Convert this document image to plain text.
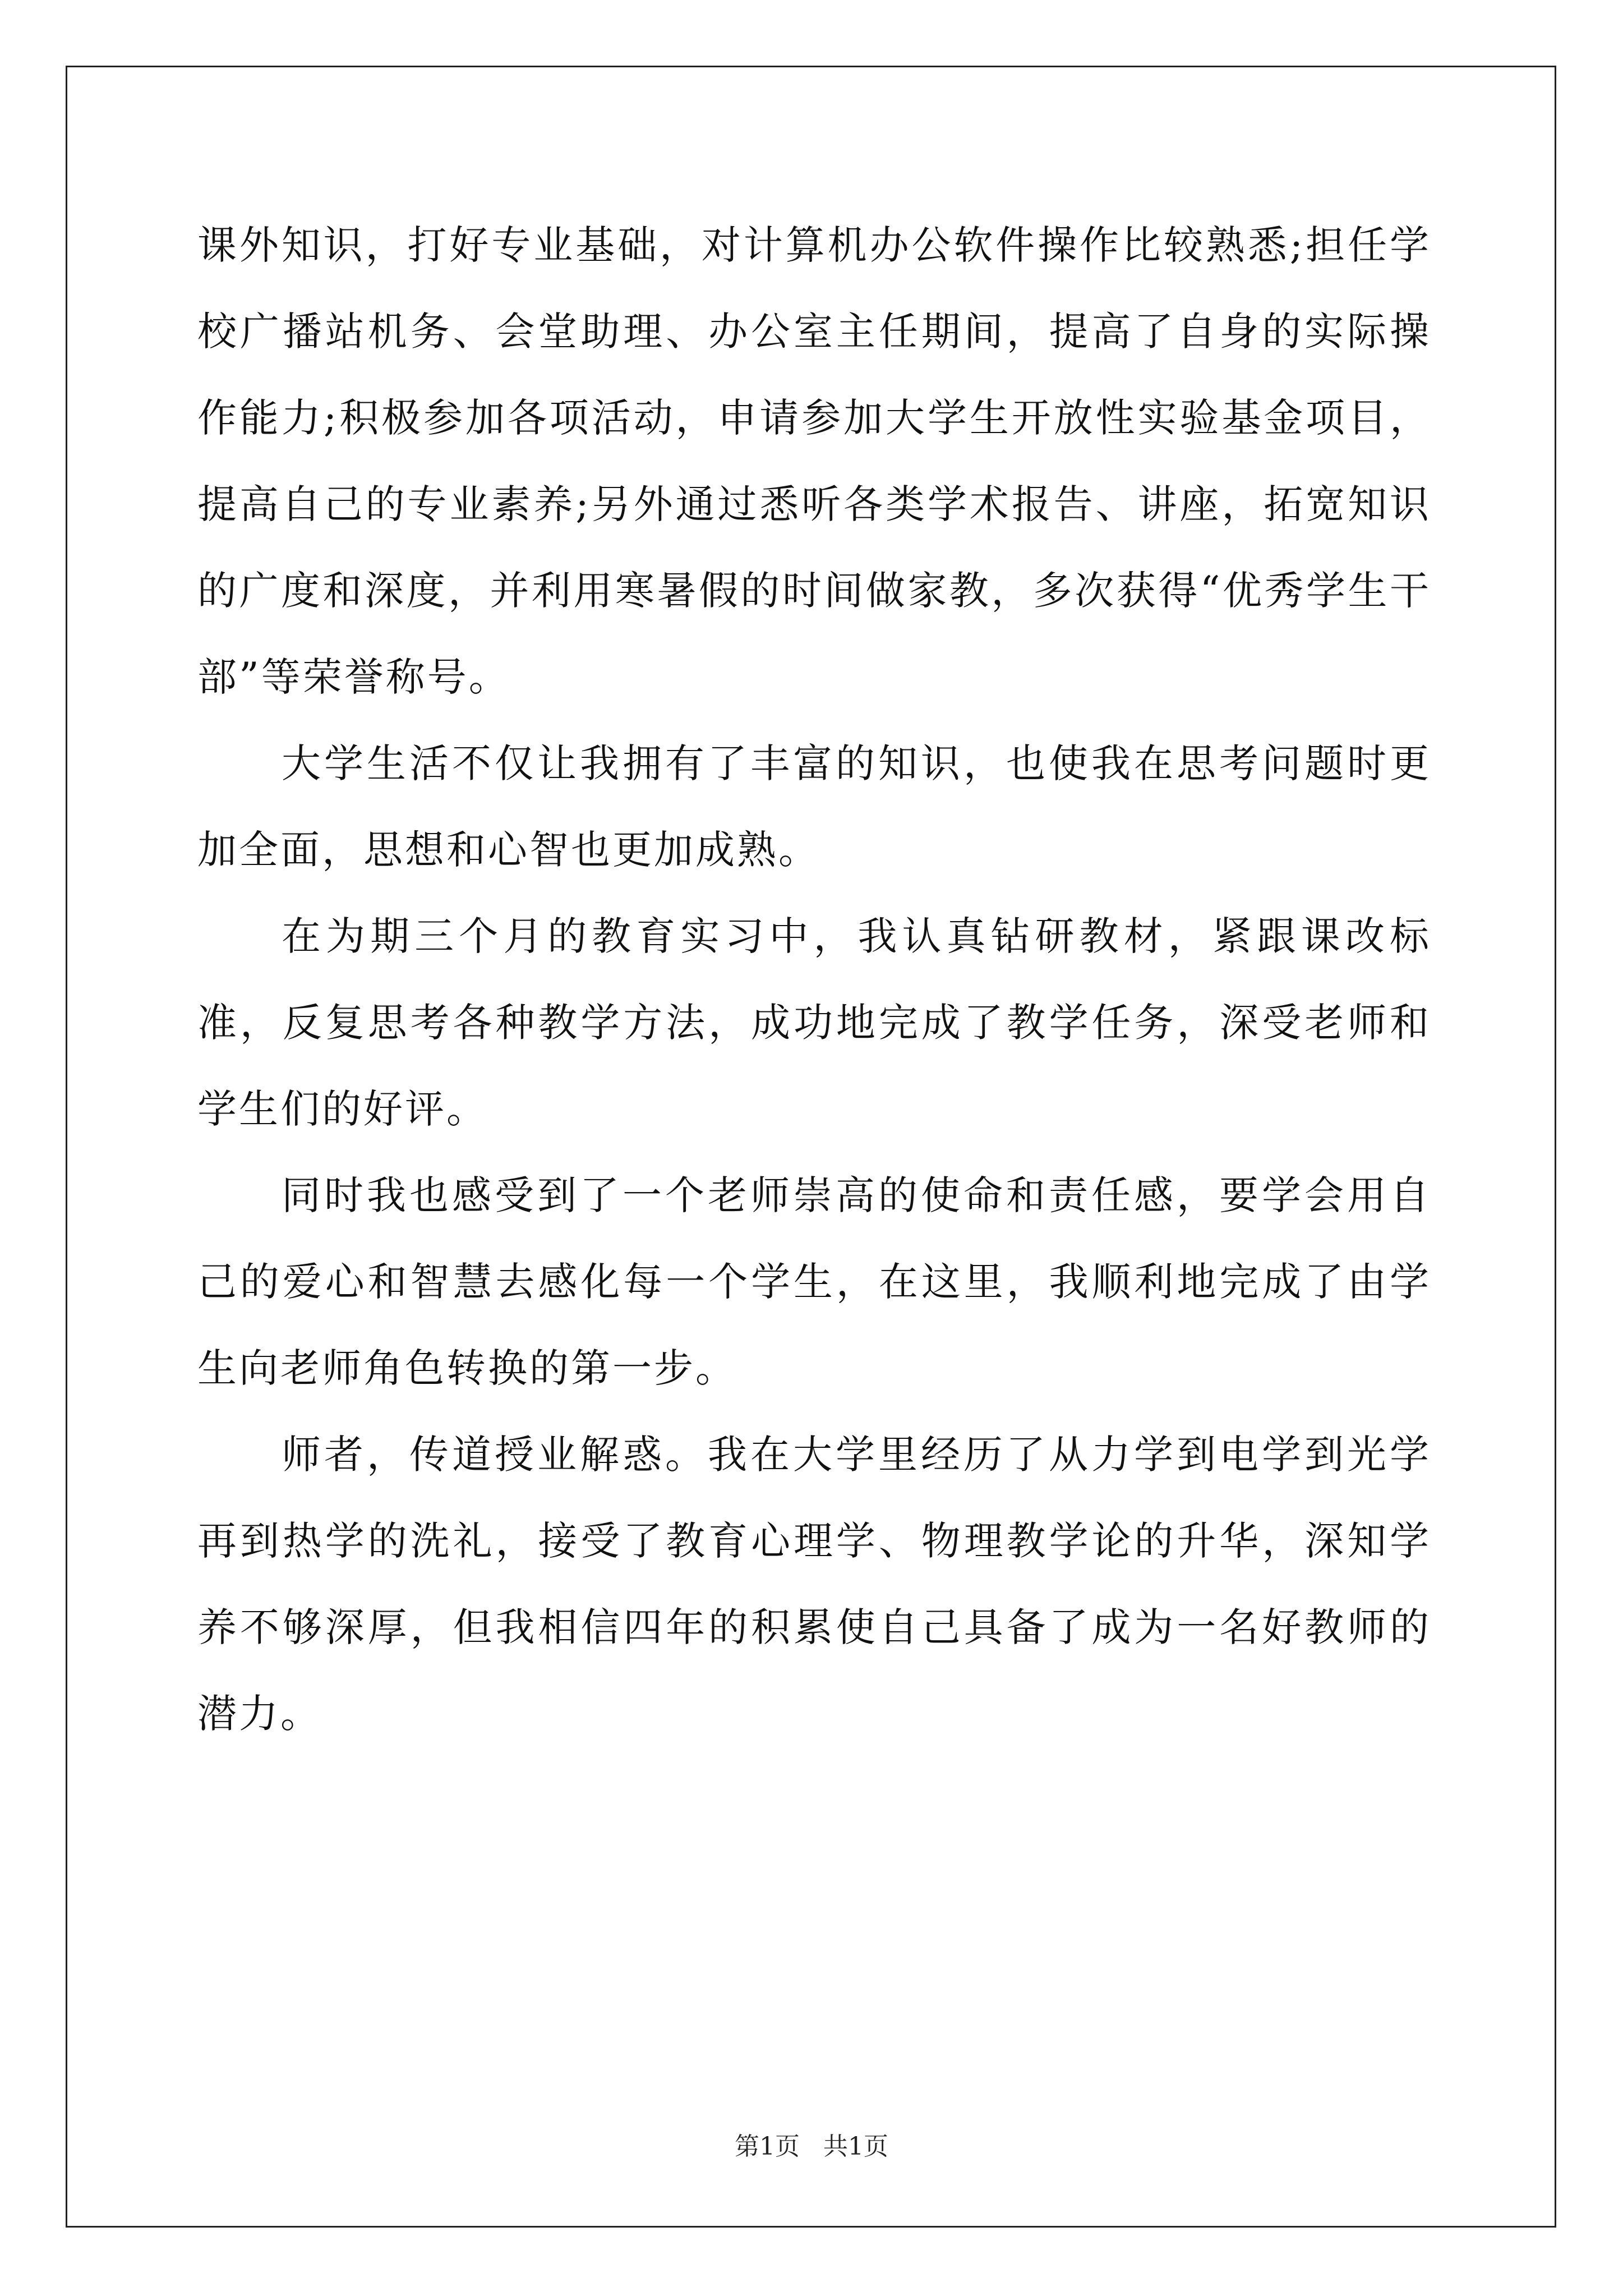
课外知识，打好专业基础，对计算机办公软件操作比较熟悉;担任学校广播站机务、会堂助理、办公室主任期间，提高了自身的实际操作能力;积极参加各项活动，申请参加大学生开放性实验基金项目，提高自己的专业素养;另外通过悉听各类学术报告、讲座，拓宽知识的广度和深度，并利用寒暑假的时间做家教，多次获得“优秀学生干部”等荣誉称号。

大学生活不仅让我拥有了丰富的知识，也使我在思考问题时更加全面，思想和心智也更加成熟。

在为期三个月的教育实习中，我认真钻研教材，紧跟课改标准，反复思考各种教学方法，成功地完成了教学任务，深受老师和学生们的好评。

同时我也感受到了一个老师崇高的使命和责任感，要学会用自己的爱心和智慧去感化每一个学生，在这里，我顺利地完成了由学生向老师角色转换的第一步。

师者，传道授业解惑。我在大学里经历了从力学到电学到光学再到热学的洗礼，接受了教育心理学、物理教学论的升华，深知学养不够深厚，但我相信四年的积累使自己具备了成为一名好教师的潜力。

第1页 共1页
